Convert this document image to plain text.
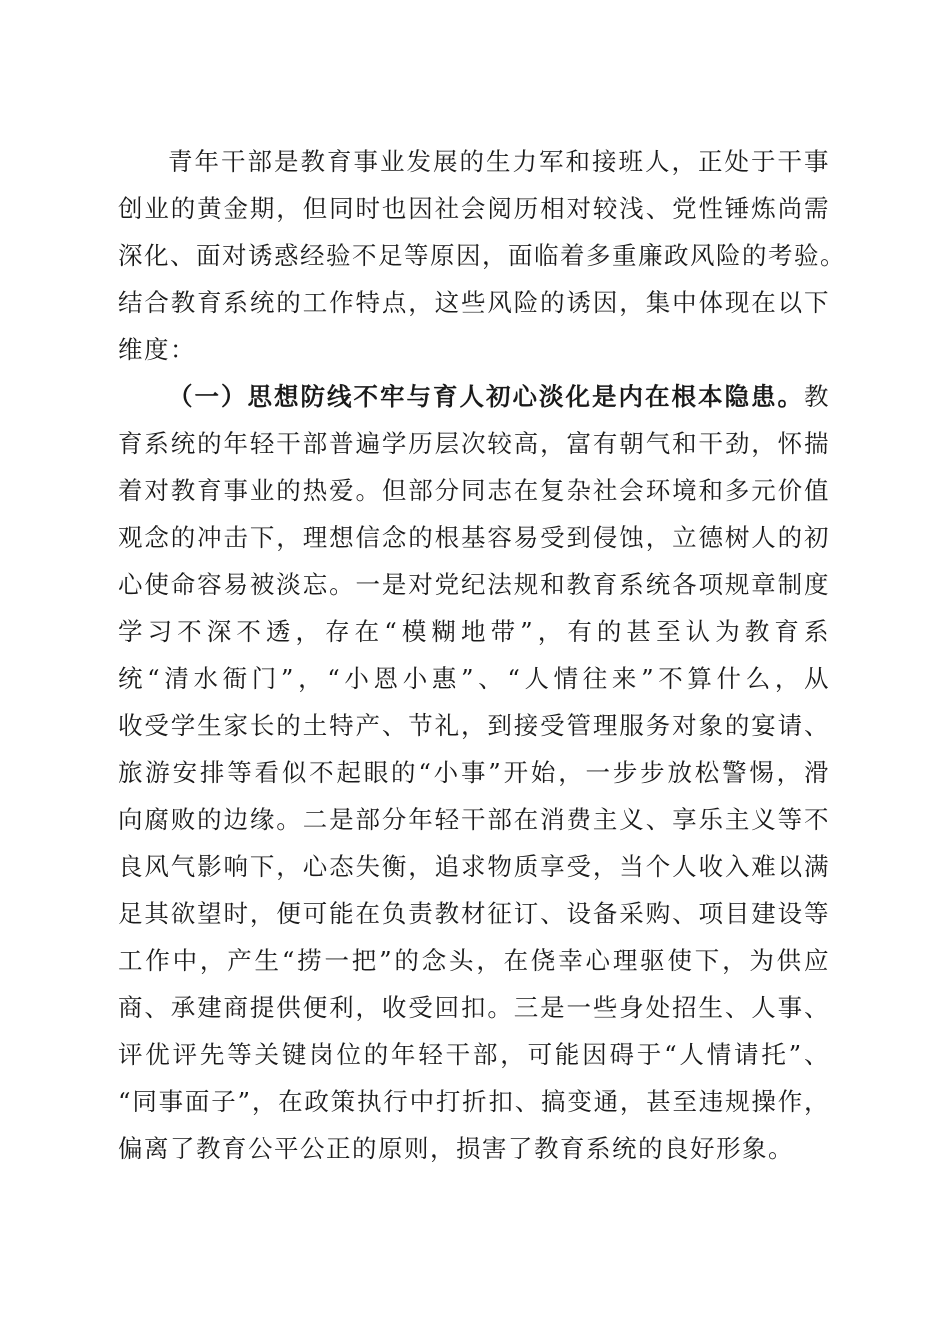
青年干部是教育事业发展的生力军和接班人，正处于干事
创业的黄金期，但同时也因社会阅历相对较浅、党性锤炼尚需
深化、面对诱惑经验不足等原因，面临着多重廉政风险的考验。
结合教育系统的工作特点，这些风险的诱因，集中体现在以下
维度：
（一）思想防线不牢与育人初心淡化是内在根本隐患。教
育系统的年轻干部普遍学历层次较高，富有朝气和干劲，怀揣
着对教育事业的热爱。但部分同志在复杂社会环境和多元价值
观念的冲击下，理想信念的根基容易受到侵蚀，立德树人的初
心使命容易被淡忘。一是对党纪法规和教育系统各项规章制度
学习不深不透，存在“模糊地带”，有的甚至认为教育系
统“清水衙门”，“小恩小惠”、“人情往来”不算什么，从
收受学生家长的土特产、节礼，到接受管理服务对象的宴请、
旅游安排等看似不起眼的“小事”开始，一步步放松警惕，滑
向腐败的边缘。二是部分年轻干部在消费主义、享乐主义等不
良风气影响下，心态失衡，追求物质享受，当个人收入难以满
足其欲望时，便可能在负责教材征订、设备采购、项目建设等
工作中，产生“捞一把”的念头，在侥幸心理驱使下，为供应
商、承建商提供便利，收受回扣。三是一些身处招生、人事、
评优评先等关键岗位的年轻干部，可能因碍于“人情请托”、
“同事面子”，在政策执行中打折扣、搞变通，甚至违规操作，
偏离了教育公平公正的原则，损害了教育系统的良好形象。
